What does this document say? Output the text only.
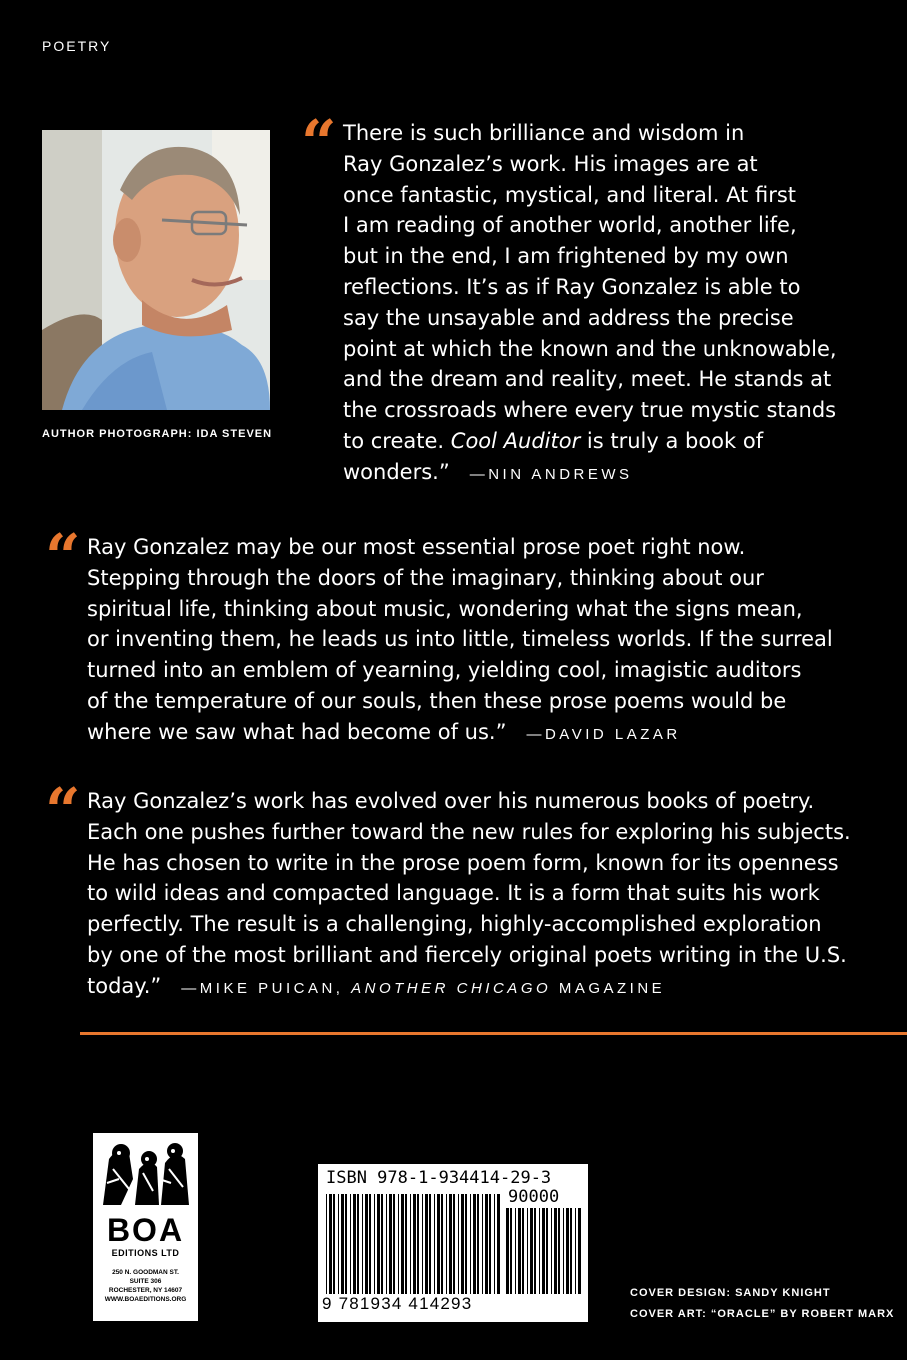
POETRY
AUTHOR PHOTOGRAPH: IDA STEVEN
“ There is such brilliance and wisdom in
Ray Gonzalez’s work. His images are at
once fantastic, mystical, and literal. At first
I am reading of another world, another life,
but in the end, I am frightened by my own
reflections. It’s as if Ray Gonzalez is able to
say the unsayable and address the precise
point at which the known and the unknowable,
and the dream and reality, meet. He stands at
the crossroads where every true mystic stands
to create. Cool Auditor is truly a book of
wonders.” —NIN ANDREWS
“ Ray Gonzalez may be our most essential prose poet right now.
Stepping through the doors of the imaginary, thinking about our
spiritual life, thinking about music, wondering what the signs mean,
or inventing them, he leads us into little, timeless worlds. If the surreal
turned into an emblem of yearning, yielding cool, imagistic auditors
of the temperature of our souls, then these prose poems would be
where we saw what had become of us.” —DAVID LAZAR
“ Ray Gonzalez’s work has evolved over his numerous books of poetry.
Each one pushes further toward the new rules for exploring his subjects.
He has chosen to write in the prose poem form, known for its openness
to wild ideas and compacted language. It is a form that suits his work
perfectly. The result is a challenging, highly-accomplished exploration
by one of the most brilliant and fiercely original poets writing in the U.S.
today.” —MIKE PUICAN, ANOTHER CHICAGO MAGAZINE
BOA
EDITIONS LTD
250 N. GOODMAN ST.
SUITE 306
ROCHESTER, NY 14607
WWW.BOAEDITIONS.ORG
ISBN 978-1-934414-29-3
90000
9 781934 414293
COVER DESIGN: SANDY KNIGHT
COVER ART: “ORACLE” BY ROBERT MARX
